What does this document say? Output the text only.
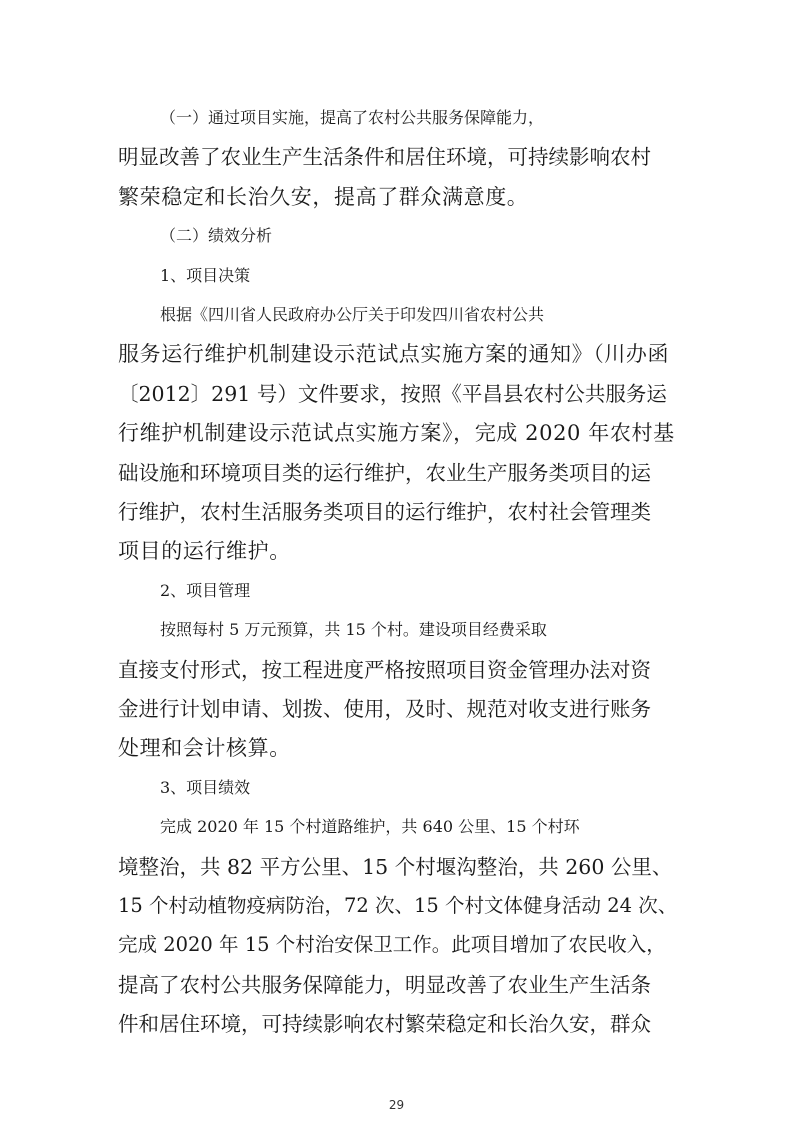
（一）通过项目实施，提高了农村公共服务保障能力，
明显改善了农业生产生活条件和居住环境，可持续影响农村
繁荣稳定和长治久安，提高了群众满意度。
（二）绩效分析
1、项目决策
根据《四川省人民政府办公厅关于印发四川省农村公共
服务运行维护机制建设示范试点实施方案的通知》（川办函
〔2012〕291 号）文件要求，按照《平昌县农村公共服务运
行维护机制建设示范试点实施方案》，完成 2020 年农村基
础设施和环境项目类的运行维护，农业生产服务类项目的运
行维护，农村生活服务类项目的运行维护，农村社会管理类
项目的运行维护。
2、项目管理
按照每村 5 万元预算，共 15 个村。建设项目经费采取
直接支付形式，按工程进度严格按照项目资金管理办法对资
金进行计划申请、划拨、使用，及时、规范对收支进行账务
处理和会计核算。
3、项目绩效
完成 2020 年 15 个村道路维护，共 640 公里、15 个村环
境整治，共 82 平方公里、15 个村堰沟整治，共 260 公里、
15 个村动植物疫病防治，72 次、15 个村文体健身活动 24 次、
完成 2020 年 15 个村治安保卫工作。此项目增加了农民收入，
提高了农村公共服务保障能力，明显改善了农业生产生活条
件和居住环境，可持续影响农村繁荣稳定和长治久安，群众
29
